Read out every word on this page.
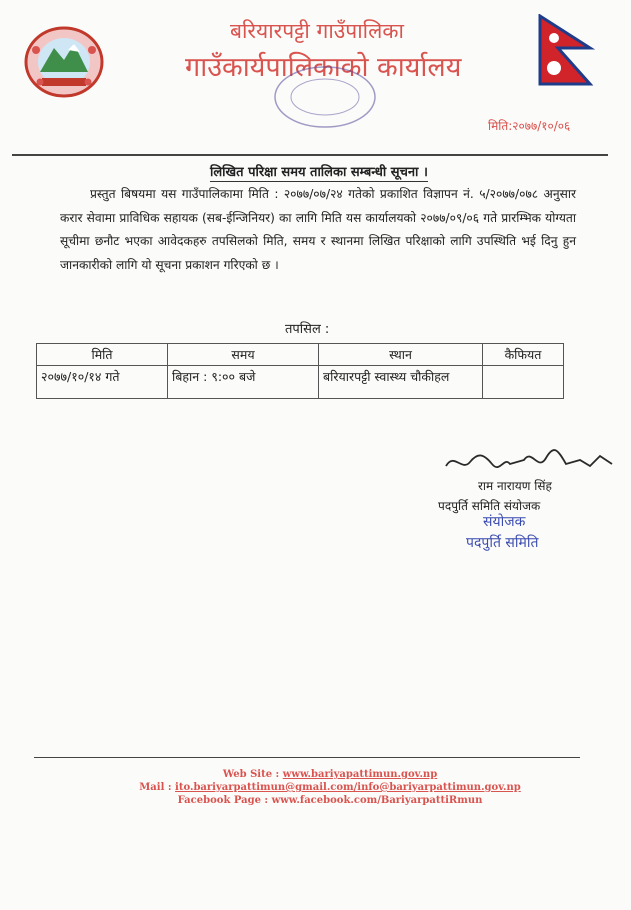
बरियारपट्टी गाउँपालिका
गाउँकार्यपालिकाको कार्यालय
मिति:२०७७/१०/०६
लिखित परिक्षा समय तालिका सम्बन्धी सूचना ।
प्रस्तुत बिषयमा यस गाउँपालिकामा मिति : २०७७/०७/२४ गतेको प्रकाशित विज्ञापन नं. ५/२०७७/०७८ अनुसार करार सेवामा प्राविधिक सहायक (सब-ईन्जिनियर) का लागि मिति यस कार्यालयको २०७७/०९/०६ गते प्रारम्भिक योग्यता सूचीमा छनौट भएका आवेदकहरु तपसिलको मिति, समय र स्थानमा लिखित परिक्षाको लागि उपस्थिति भई दिनु हुन जानकारीको लागि यो सूचना प्रकाशन गरिएको छ ।
तपसिल :
मिति	समय	स्थान	कैफियत
२०७७/१०/१४ गते	बिहान : ९:०० बजे	बरियारपट्टी स्वास्थ्य चौकीहल	
राम नारायण सिंह
पदपुर्ति समिति संयोजक
संयोजक
पदपुर्ति समिति
Web Site : www.bariyapattimun.gov.np
Mail : ito.bariyarpattimun@gmail.com/info@bariyarpattimun.gov.np
Facebook Page : www.facebook.com/BariyarpattiRmun
